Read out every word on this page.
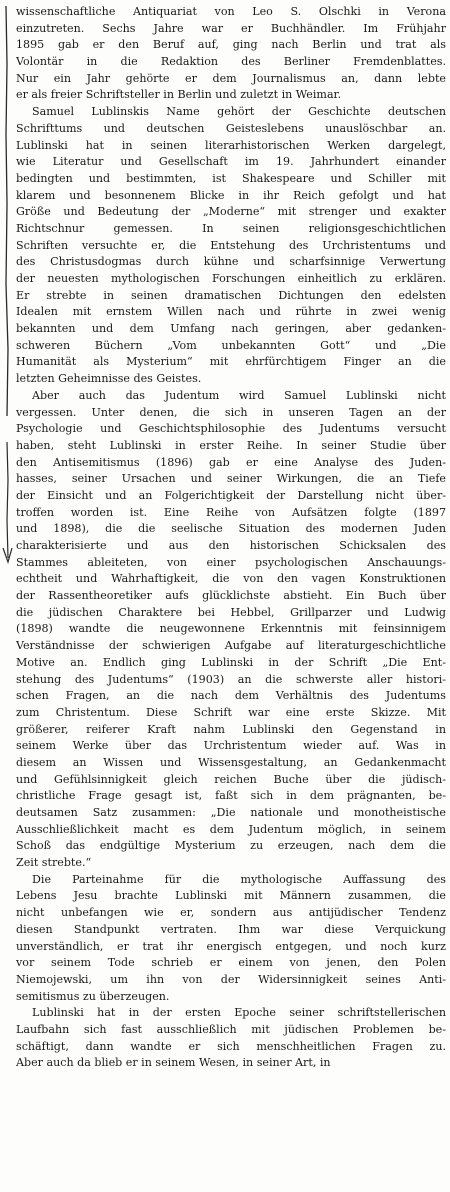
wissenschaftliche Antiquariat von Leo S. Olschki in Verona
einzutreten. Sechs Jahre war er Buchhändler. Im Frühjahr
1895 gab er den Beruf auf, ging nach Berlin und trat als
Volontär in die Redaktion des Berliner Fremdenblattes.
Nur ein Jahr gehörte er dem Journalismus an, dann lebte
er als freier Schriftsteller in Berlin und zuletzt in Weimar.
Samuel Lublinskis Name gehört der Geschichte deutschen
Schrifttums und deutschen Geisteslebens unauslöschbar an.
Lublinski hat in seinen literarhistorischen Werken dargelegt,
wie Literatur und Gesellschaft im 19. Jahrhundert einander
bedingten und bestimmten, ist Shakespeare und Schiller mit
klarem und besonnenem Blicke in ihr Reich gefolgt und hat
Größe und Bedeutung der „Moderne“ mit strenger und exakter
Richtschnur gemessen. In seinen religionsgeschichtlichen
Schriften versuchte er, die Entstehung des Urchristentums und
des Christusdogmas durch kühne und scharfsinnige Verwertung
der neuesten mythologischen Forschungen einheitlich zu erklären.
Er strebte in seinen dramatischen Dichtungen den edelsten
Idealen mit ernstem Willen nach und rührte in zwei wenig
bekannten und dem Umfang nach geringen, aber gedanken-
schweren Büchern „Vom unbekannten Gott“ und „Die
Humanität als Mysterium“ mit ehrfürchtigem Finger an die
letzten Geheimnisse des Geistes.
Aber auch das Judentum wird Samuel Lublinski nicht
vergessen. Unter denen, die sich in unseren Tagen an der
Psychologie und Geschichtsphilosophie des Judentums versucht
haben, steht Lublinski in erster Reihe. In seiner Studie über
den Antisemitismus (1896) gab er eine Analyse des Juden-
hasses, seiner Ursachen und seiner Wirkungen, die an Tiefe
der Einsicht und an Folgerichtigkeit der Darstellung nicht über-
troffen worden ist. Eine Reihe von Aufsätzen folgte (1897
und 1898), die die seelische Situation des modernen Juden
charakterisierte und aus den historischen Schicksalen des
Stammes ableiteten, von einer psychologischen Anschauungs-
echtheit und Wahrhaftigkeit, die von den vagen Konstruktionen
der Rassentheoretiker aufs glücklichste abstieht. Ein Buch über
die jüdischen Charaktere bei Hebbel, Grillparzer und Ludwig
(1898) wandte die neugewonnene Erkenntnis mit feinsinnigem
Verständnisse der schwierigen Aufgabe auf literaturgeschichtliche
Motive an. Endlich ging Lublinski in der Schrift „Die Ent-
stehung des Judentums“ (1903) an die schwerste aller histori-
schen Fragen, an die nach dem Verhältnis des Judentums
zum Christentum. Diese Schrift war eine erste Skizze. Mit
größerer, reiferer Kraft nahm Lublinski den Gegenstand in
seinem Werke über das Urchristentum wieder auf. Was in
diesem an Wissen und Wissensgestaltung, an Gedankenmacht
und Gefühlsinnigkeit gleich reichen Buche über die jüdisch-
christliche Frage gesagt ist, faßt sich in dem prägnanten, be-
deutsamen Satz zusammen: „Die nationale und monotheistische
Ausschließlichkeit macht es dem Judentum möglich, in seinem
Schoß das endgültige Mysterium zu erzeugen, nach dem die
Zeit strebte.“
Die Parteinahme für die mythologische Auffassung des
Lebens Jesu brachte Lublinski mit Männern zusammen, die
nicht unbefangen wie er, sondern aus antijüdischer Tendenz
diesen Standpunkt vertraten. Ihm war diese Verquickung
unverständlich, er trat ihr energisch entgegen, und noch kurz
vor seinem Tode schrieb er einem von jenen, den Polen
Niemojewski, um ihn von der Widersinnigkeit seines Anti-
semitismus zu überzeugen.
Lublinski hat in der ersten Epoche seiner schriftstellerischen
Laufbahn sich fast ausschließlich mit jüdischen Problemen be-
schäftigt, dann wandte er sich menschheitlichen Fragen zu.
Aber auch da blieb er in seinem Wesen, in seiner Art, in
